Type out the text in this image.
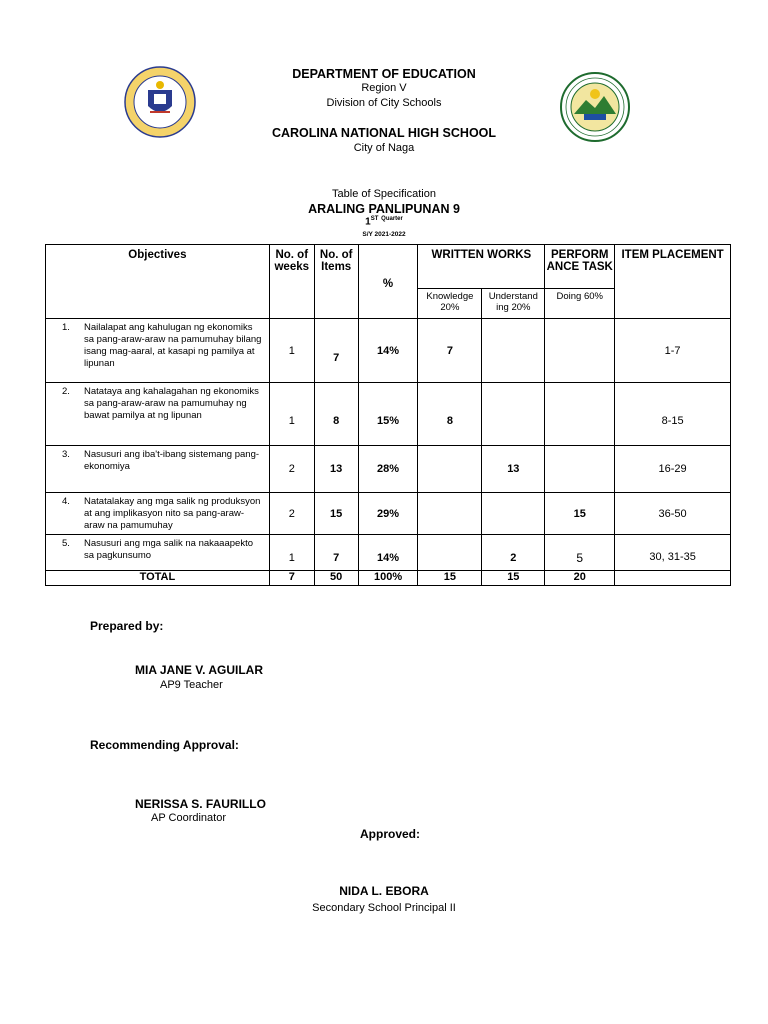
DEPARTMENT OF EDUCATION
Region V
Division of City Schools
CAROLINA NATIONAL HIGH SCHOOL
City of Naga
Table of Specification
ARALING PANLIPUNAN 9
1ST $^{Quarter}$
S/Y 2021-2022
Objectives	No. of weeks	No. of Items	%	WRITTEN WORKS		PERFORM ANCE TASK	ITEM PLACEMENT
				Knowledge 20%	Understand ing 20%	Doing 60%	
1. Nailalapat ang kahulugan ng ekonomiks sa pang-araw-araw na pamumuhay bilang isang mag-aaral, at kasapi ng pamilya at lipunan	1	7	14%	7			1-7
2. Natataya ang kahalagahan ng ekonomiks sa pang-araw-araw na pamumuhay ng bawat pamilya at ng lipunan	1	8	15%	8			8-15
3. Nasusuri ang iba't-ibang sistemang pang-ekonomiya	2	13	28%		13		16-29
4. Natatalakay ang mga salik ng produksyon at ang implikasyon nito sa pang-araw-araw na pamumuhay	2	15	29%			15	36-50
5. Nasusuri ang mga salik na nakaaapekto sa pagkunsumo	1	7	14%		2	5	30, 31-35
TOTAL	7	50	100%	15	15	20	
Prepared by:
MIA JANE V. AGUILAR
AP9 Teacher
Recommending Approval:
NERISSA S. FAURILLO
AP Coordinator
Approved:
NIDA L. EBORA
Secondary School Principal II
